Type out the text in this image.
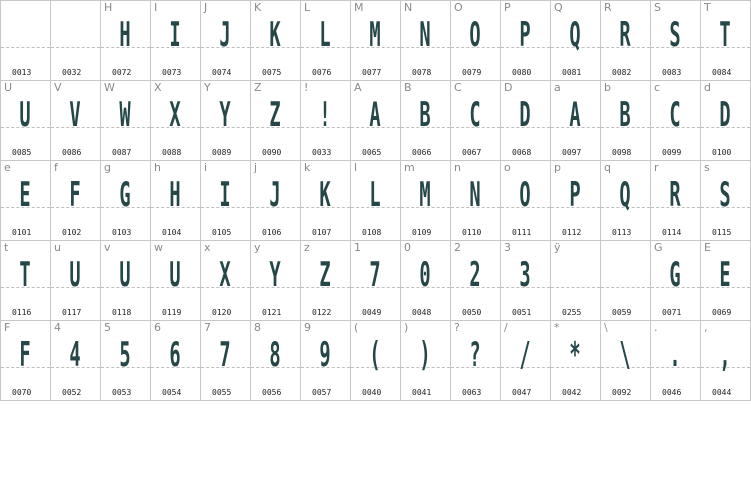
0013	0032
H
H
0072
I
I
0073
J
J
0074
K
K
0075
L
L
0076
M
M
0077
N
N
0078
O
O
0079
P
P
0080
Q
Q
0081
R
R
0082
S
S
0083
T
T
0084
U
U
0085
V
V
0086
W
W
0087
X
X
0088
Y
Y
0089
Z
Z
0090
!
!
0033
A
A
0065
B
B
0066
C
C
0067
D
D
0068
a
A
0097
b
B
0098
c
C
0099
d
D
0100
e
E
0101
f
F
0102
g
G
0103
h
H
0104
i
I
0105
j
J
0106
k
K
0107
l
L
0108
m
M
0109
n
N
0110
o
O
0111
p
P
0112
q
Q
0113
r
R
0114
s
S
0115
t
T
0116
u
U
0117
v
U
0118
w
U
0119
x
X
0120
y
Y
0121
z
Z
0122
1
7
0049
0
0
0048
2
2
0050
3
3
0051
ÿ
0255	0059
G
G
0071
E
E
0069
F
F
0070
4
4
0052
5
5
0053
6
6
0054
7
7
0055
8
8
0056
9
9
0057
(
(
0040
)
)
0041
?
?
0063
/
/
0047
*
*
0042
\
\
0092
.
.
0046
,
,
0044
